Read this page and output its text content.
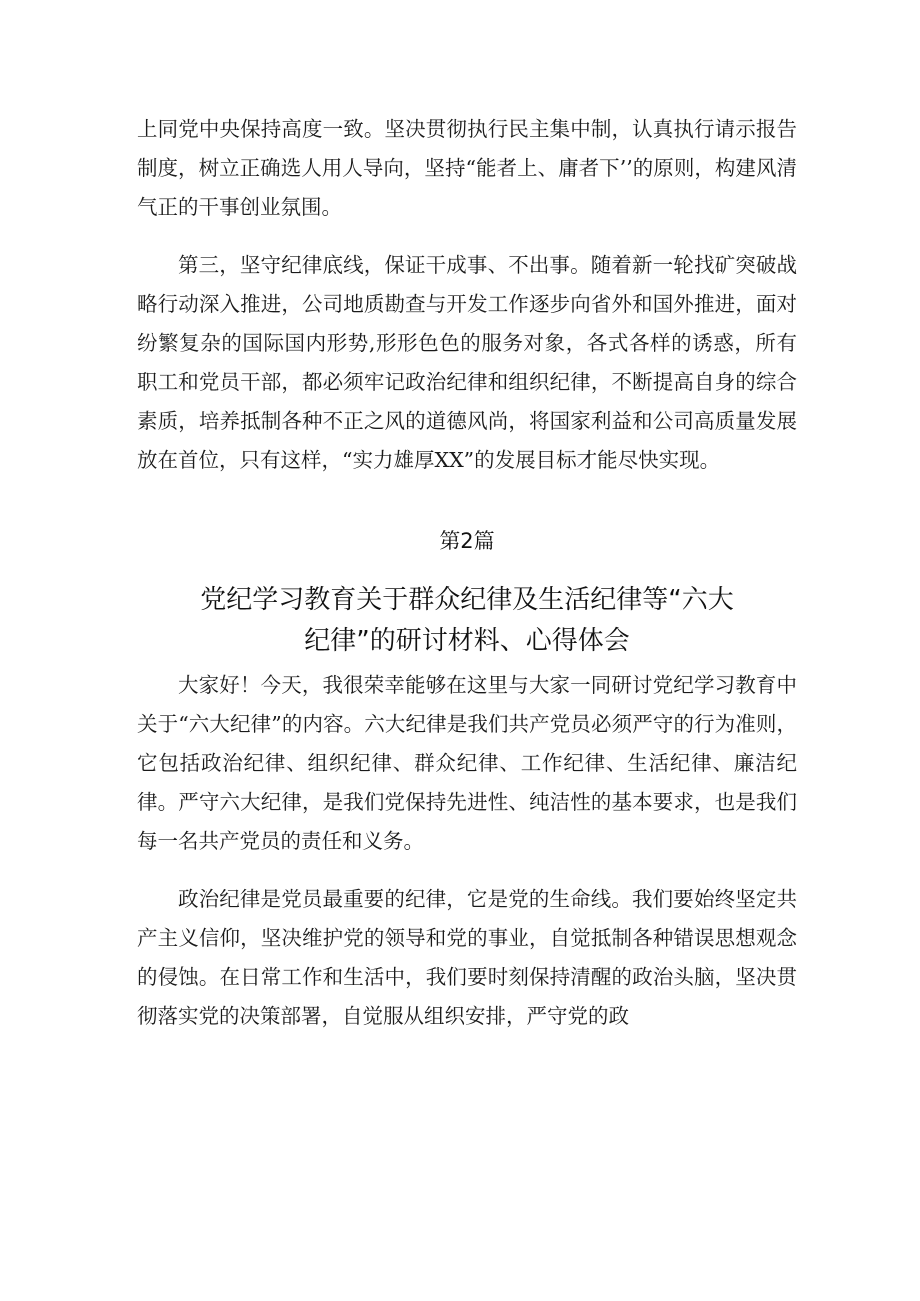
上同党中央保持高度一致。坚决贯彻执行民主集中制，认真执行请示报告制度，树立正确选人用人导向，坚持“能者上、庸者下’’的原则，构建风清气正的干事创业氛围。

第三，坚守纪律底线，保证干成事、不出事。随着新一轮找矿突破战略行动深入推进，公司地质勘查与开发工作逐步向省外和国外推进，面对纷繁复杂的国际国内形势,形形色色的服务对象，各式各样的诱惑，所有职工和党员干部，都必须牢记政治纪律和组织纪律，不断提高自身的综合素质，培养抵制各种不正之风的道德风尚，将国家利益和公司高质量发展放在首位，只有这样，“实力雄厚XX”的发展目标才能尽快实现。

第2篇

党纪学习教育关于群众纪律及生活纪律等“六大

纪律”的研讨材料、心得体会

大家好！今天，我很荣幸能够在这里与大家一同研讨党纪学习教育中关于“六大纪律”的内容。六大纪律是我们共产党员必须严守的行为准则，它包括政治纪律、组织纪律、群众纪律、工作纪律、生活纪律、廉洁纪律。严守六大纪律，是我们党保持先进性、纯洁性的基本要求，也是我们每一名共产党员的责任和义务。

政治纪律是党员最重要的纪律，它是党的生命线。我们要始终坚定共产主义信仰，坚决维护党的领导和党的事业，自觉抵制各种错误思想观念的侵蚀。在日常工作和生活中，我们要时刻保持清醒的政治头脑，坚决贯彻落实党的决策部署，自觉服从组织安排，严守党的政
